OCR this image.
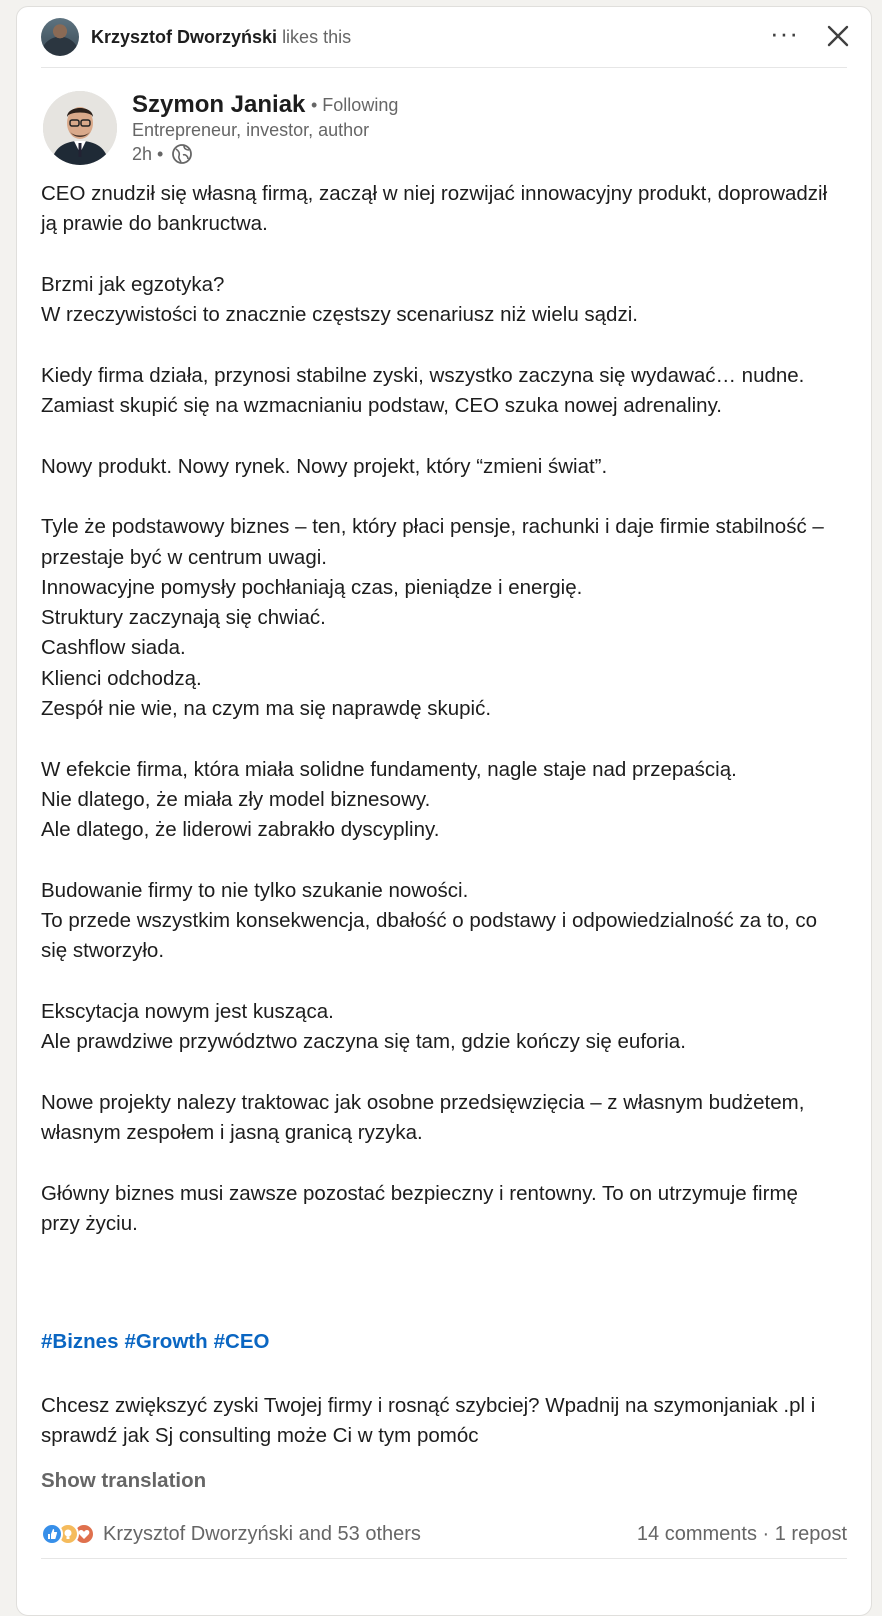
Krzysztof Dworzyński likes this	···
Szymon Janiak • Following
Entrepreneur, investor, author
2h •
CEO znudził się własną firmą, zaczął w niej rozwijać innowacyjny produkt, doprowadził ją prawie do bankructwa.
Brzmi jak egzotyka?
W rzeczywistości to znacznie częstszy scenariusz niż wielu sądzi.
Kiedy firma działa, przynosi stabilne zyski, wszystko zaczyna się wydawać… nudne.
Zamiast skupić się na wzmacnianiu podstaw, CEO szuka nowej adrenaliny.
Nowy produkt. Nowy rynek. Nowy projekt, który “zmieni świat”.
Tyle że podstawowy biznes – ten, który płaci pensje, rachunki i daje firmie stabilność – przestaje być w centrum uwagi.
Innowacyjne pomysły pochłaniają czas, pieniądze i energię.
Struktury zaczynają się chwiać.
Cashflow siada.
Klienci odchodzą.
Zespół nie wie, na czym ma się naprawdę skupić.
W efekcie firma, która miała solidne fundamenty, nagle staje nad przepaścią.
Nie dlatego, że miała zły model biznesowy.
Ale dlatego, że liderowi zabrakło dyscypliny.
Budowanie firmy to nie tylko szukanie nowości.
To przede wszystkim konsekwencja, dbałość o podstawy i odpowiedzialność za to, co się stworzyło.
Ekscytacja nowym jest kusząca.
Ale prawdziwe przywództwo zaczyna się tam, gdzie kończy się euforia.
Nowe projekty nalezy traktowac jak osobne przedsięwzięcia – z własnym budżetem, własnym zespołem i jasną granicą ryzyka.
Główny biznes musi zawsze pozostać bezpieczny i rentowny. To on utrzymuje firmę przy życiu.
#Biznes #Growth #CEO
Chcesz zwiększyć zyski Twojej firmy i rosnąć szybciej? Wpadnij na szymonjaniak .pl i sprawdź jak Sj consulting może Ci w tym pomóc
Show translation
Krzysztof Dworzyński and 53 others	14 comments · 1 repost
